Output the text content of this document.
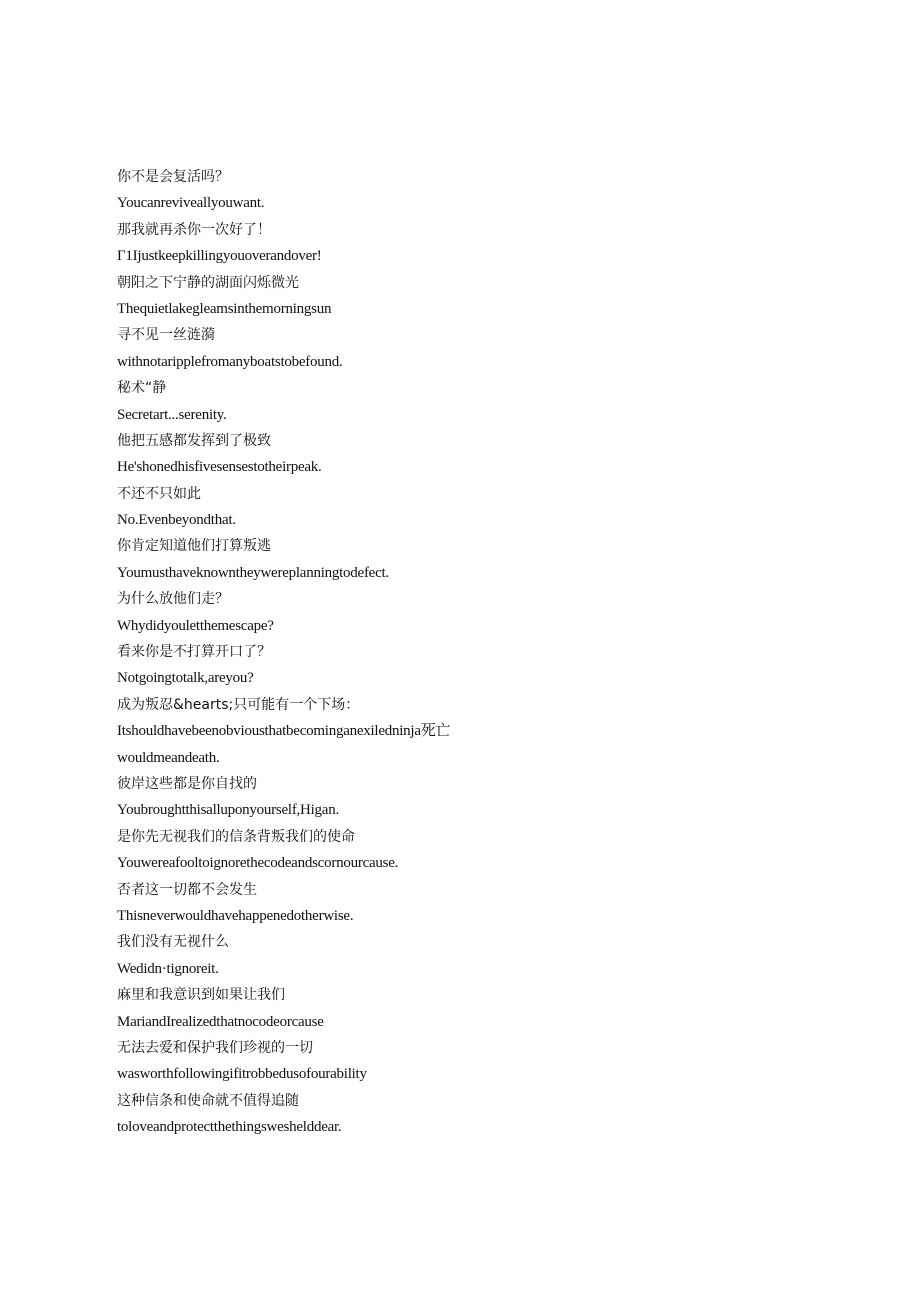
你不是会复活吗？
Youcanreviveallyouwant.
那我就再杀你一次好了！
Γ1Ijustkeepkillingyouoverandover!
朝阳之下宁静的湖面闪烁微光
Thequietlakegleamsinthemorningsun
寻不见一丝涟漪
withnotaripplefromanyboatstobefound.
秘术“静
Secretart...serenity.
他把五感都发挥到了极致
He'shonedhisfivesensestotheirpeak.
不还不只如此
No.Evenbeyondthat.
你肯定知道他们打算叛逃
Youmusthaveknowntheywereplanningtodefect.
为什么放他们走？
Whydidyouletthemescape?
看来你是不打算开口了？
Notgoingtotalk,areyou?
成为叛忍&hearts;只可能有一个下场：
Itshouldhavebeenobviousthatbecominganexiledninja死亡
wouldmeandeath.
彼岸这些都是你自找的
Youbroughtthisalluponyourself,Higan.
是你先无视我们的信条背叛我们的使命
Youwereafooltoignorethecodeandscornourcause.
否者这一切都不会发生
Thisneverwouldhavehappenedotherwise.
我们没有无视什么
Wedidn·tignoreit.
麻里和我意识到如果让我们
MariandIrealizedthatnocodeorcause
无法去爱和保护我们珍视的一切
wasworthfollowingifitrobbedusofourability
这种信条和使命就不值得追随
toloveandprotectthethingsweshelddear.
